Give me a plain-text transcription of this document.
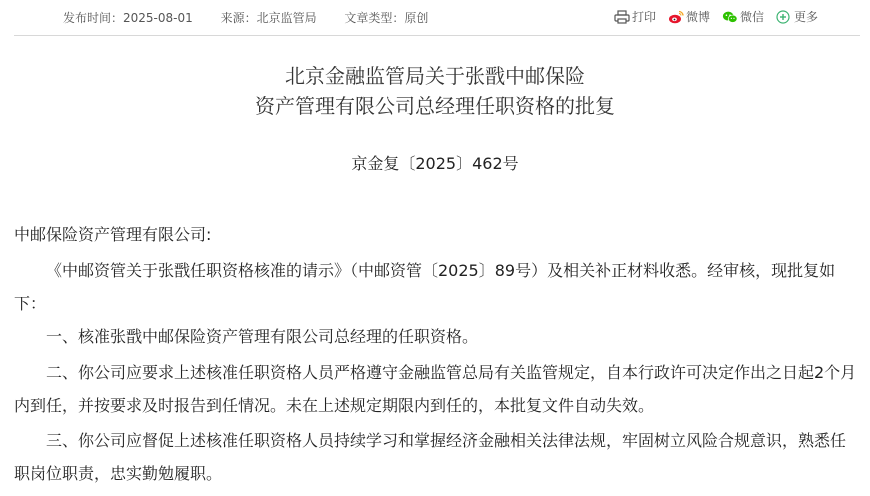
发布时间：2025-08-01 来源：北京监管局 文章类型：原创	打印	微博	微信	更多
北京金融监管局关于张戬中邮保险
资产管理有限公司总经理任职资格的批复
京金复〔2025〕462号
中邮保险资产管理有限公司:
《中邮资管关于张戬任职资格核准的请示》（中邮资管〔2025〕89号）及相关补正材料收悉。经审核，现批复如下：
一、核准张戬中邮保险资产管理有限公司总经理的任职资格。
二、你公司应要求上述核准任职资格人员严格遵守金融监管总局有关监管规定，自本行政许可决定作出之日起2个月内到任，并按要求及时报告到任情况。未在上述规定期限内到任的，本批复文件自动失效。
三、你公司应督促上述核准任职资格人员持续学习和掌握经济金融相关法律法规，牢固树立风险合规意识，熟悉任职岗位职责，忠实勤勉履职。
